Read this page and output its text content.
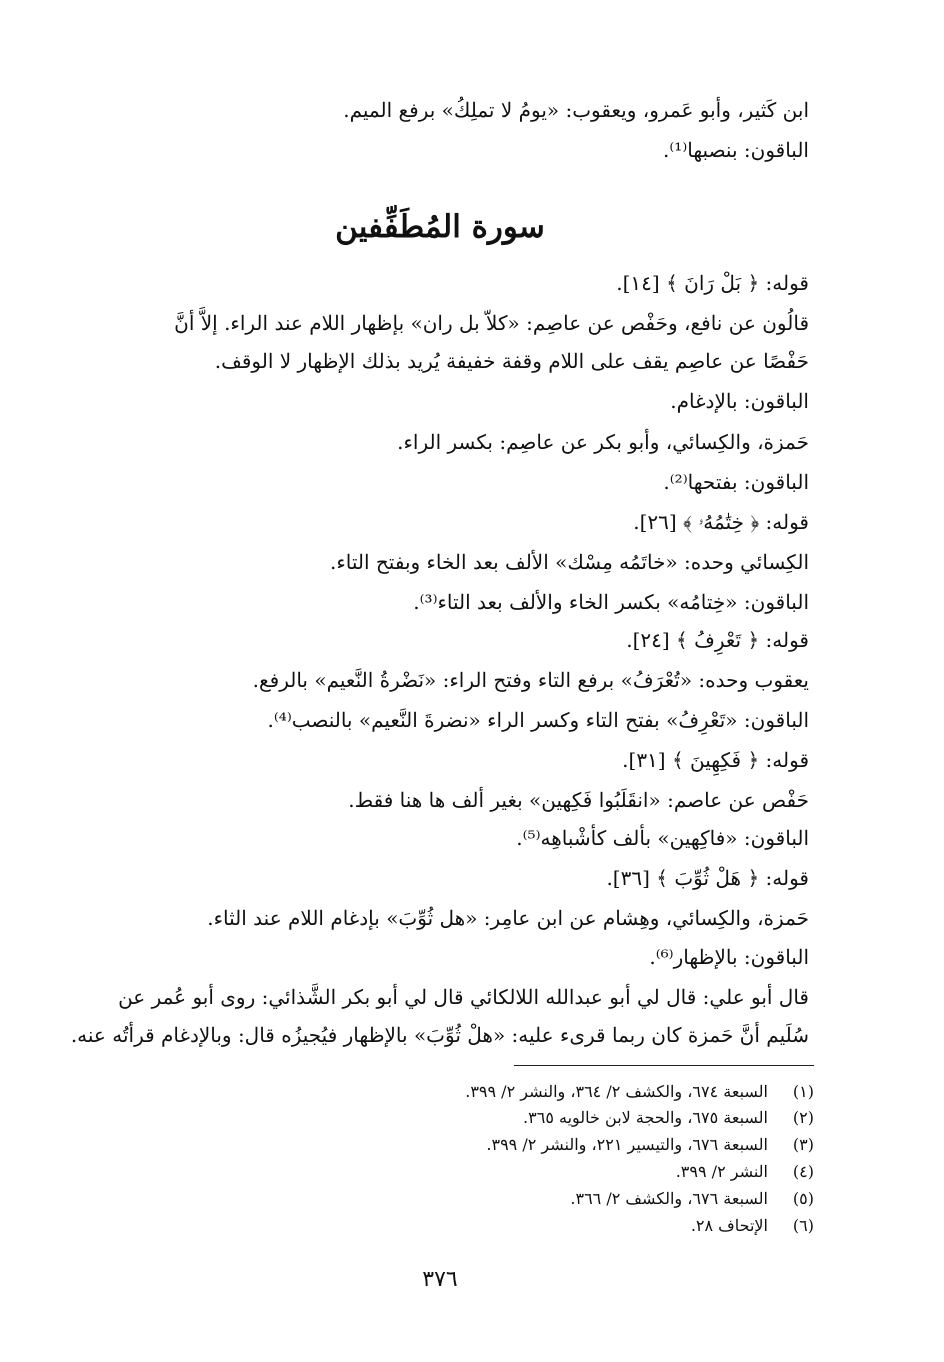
ابن كَثير، وأبو عَمرو، ويعقوب: «يومُ لا تملِكُ» برفع الميم.
الباقون: بنصبها⁽¹⁾.
سورة المُطَفِّفين
قوله: ﴿ بَلْ رَانَ ﴾ [١٤].
قالُون عن نافع، وحَفْص عن عاصِم: «كلاّ بل ران» بإظهار اللام عند الراء. إلاَّ أنَّ
حَفْصًا عن عاصِم يقف على اللام وقفة خفيفة يُريد بذلك الإظهار لا الوقف.
الباقون: بالإدغام.
حَمزة، والكِسائي، وأبو بكر عن عاصِم: بكسر الراء.
الباقون: بفتحها⁽²⁾.
قوله: ﴿ خِتَٰمُهُۥ ﴾ [٢٦].
الكِسائي وحده: «خاتَمُه مِسْك» الألف بعد الخاء وبفتح التاء.
الباقون: «خِتامُه» بكسر الخاء والألف بعد التاء⁽³⁾.
قوله: ﴿ تَعْرِفُ ﴾ [٢٤].
يعقوب وحده: «تُعْرَفُ» برفع التاء وفتح الراء: «نَضْرةُ النَّعيم» بالرفع.
الباقون: «تَعْرِفُ» بفتح التاء وكسر الراء «نضرةَ النَّعيم» بالنصب⁽⁴⁾.
قوله: ﴿ فَكِهِينَ ﴾ [٣١].
حَفْص عن عاصم: «انقَلَبُوا فَكِهين» بغير ألف ها هنا فقط.
الباقون: «فاكِهين» بألف كأشْباهِه⁽⁵⁾.
قوله: ﴿ هَلْ ثُوِّبَ ﴾ [٣٦].
حَمزة، والكِسائي، وهِشام عن ابن عامِر: «هل ثُوِّبَ» بإدغام اللام عند الثاء.
الباقون: بالإظهار⁽⁶⁾.
قال أبو علي: قال لي أبو عبدالله اللالكائي قال لي أبو بكر الشَّذائي: روى أبو عُمر عن
سُلَيم أنَّ حَمزة كان ربما قرىء عليه: «هلْ ثُوِّبَ» بالإظهار فيُجيزُه قال: وبالإدغام قرأتُه عنه.
(١)السبعة ٦٧٤، والكشف ٢/ ٣٦٤، والنشر ٢/ ٣٩٩.
(٢)السبعة ٦٧٥، والحجة لابن خالويه ٣٦٥.
(٣)السبعة ٦٧٦، والتيسير ٢٢١، والنشر ٢/ ٣٩٩.
(٤)النشر ٢/ ٣٩٩.
(٥)السبعة ٦٧٦، والكشف ٢/ ٣٦٦.
(٦)الإتحاف ٢٨.
٣٧٦
